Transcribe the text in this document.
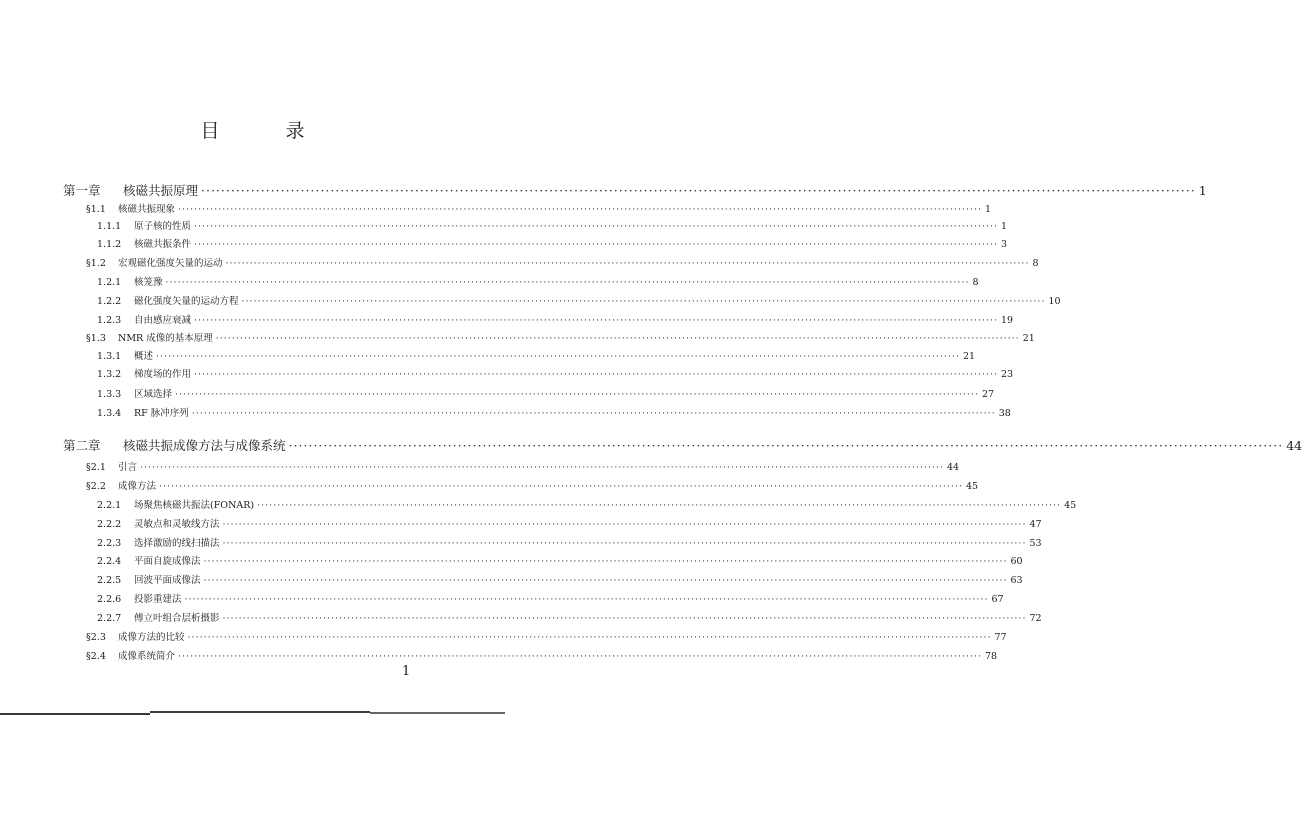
目 录
第一章	核磁共振原理 ········································································································································································································ 1
§1.1	核磁共振现象 ········································································································································································································ 1
1.1.1	原子核的性质 ········································································································································································································ 1
1.1.2	核磁共振条件 ········································································································································································································ 3
§1.2	宏观磁化强度矢量的运动 ········································································································································································································ 8
1.2.1	核笼豫 ········································································································································································································ 8
1.2.2	磁化强度矢量的运动方程 ········································································································································································································ 10
1.2.3	自由感应衰减 ········································································································································································································ 19
§1.3	NMR 成像的基本原理 ········································································································································································································ 21
1.3.1	概述 ········································································································································································································ 21
1.3.2	梯度场的作用 ········································································································································································································ 23
1.3.3	区域选择 ········································································································································································································ 27
1.3.4	RF 脉冲序列 ········································································································································································································ 38
第二章	核磁共振成像方法与成像系统 ········································································································································································································ 44
§2.1	引言 ········································································································································································································ 44
§2.2	成像方法 ········································································································································································································ 45
2.2.1	场聚焦核磁共振法(FONAR) ········································································································································································································ 45
2.2.2	灵敏点和灵敏线方法 ········································································································································································································ 47
2.2.3	选择激励的线扫描法 ········································································································································································································ 53
2.2.4	平面自旋成像法 ········································································································································································································ 60
2.2.5	回波平面成像法 ········································································································································································································ 63
2.2.6	投影重建法 ········································································································································································································ 67
2.2.7	傅立叶组合层析摄影 ········································································································································································································ 72
§2.3	成像方法的比较 ········································································································································································································ 77
§2.4	成像系统简介 ········································································································································································································ 78
1
